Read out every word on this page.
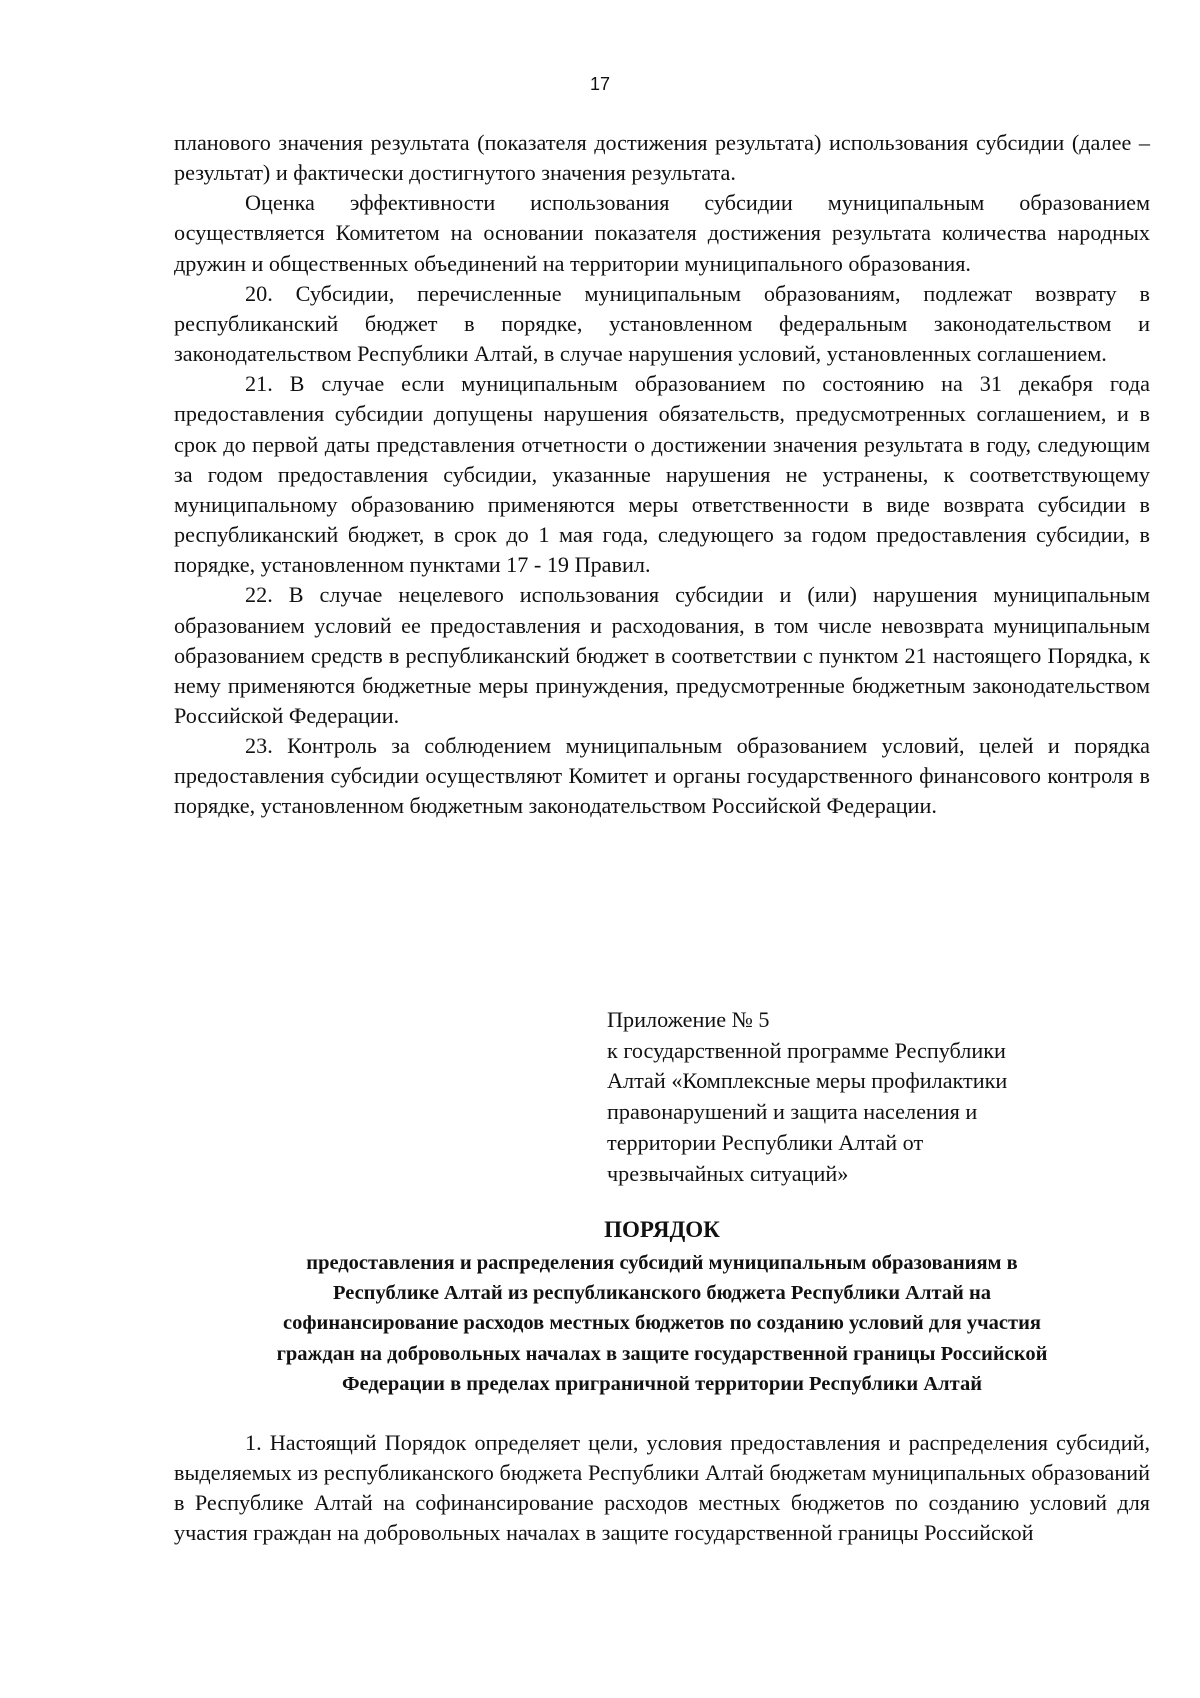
17

планового значения результата (показателя достижения результата) использования субсидии (далее – результат) и фактически достигнутого значения результата.

Оценка эффективности использования субсидии муниципальным образованием осуществляется Комитетом на основании показателя достижения результата количества народных дружин и общественных объединений на территории муниципального образования.

20. Субсидии, перечисленные муниципальным образованиям, подлежат возврату в республиканский бюджет в порядке, установленном федеральным законодательством и законодательством Республики Алтай, в случае нарушения условий, установленных соглашением.

21. В случае если муниципальным образованием по состоянию на 31 декабря года предоставления субсидии допущены нарушения обязательств, предусмотренных соглашением, и в срок до первой даты представления отчетности о достижении значения результата в году, следующим за годом предоставления субсидии, указанные нарушения не устранены, к соответствующему муниципальному образованию применяются меры ответственности в виде возврата субсидии в республиканский бюджет, в срок до 1 мая года, следующего за годом предоставления субсидии, в порядке, установленном пунктами 17 - 19 Правил.

22. В случае нецелевого использования субсидии и (или) нарушения муниципальным образованием условий ее предоставления и расходования, в том числе невозврата муниципальным образованием средств в республиканский бюджет в соответствии с пунктом 21 настоящего Порядка, к нему применяются бюджетные меры принуждения, предусмотренные бюджетным законодательством Российской Федерации.

23. Контроль за соблюдением муниципальным образованием условий, целей и порядка предоставления субсидии осуществляют Комитет и органы государственного финансового контроля в порядке, установленном бюджетным законодательством Российской Федерации.

Приложение № 5
к государственной программе Республики
Алтай «Комплексные меры профилактики
правонарушений и защита населения и
территории Республики Алтай от
чрезвычайных ситуаций»
ПОРЯДОК
предоставления и распределения субсидий муниципальным образованиям в
Республике Алтай из республиканского бюджета Республики Алтай на
софинансирование расходов местных бюджетов по созданию условий для участия
граждан на добровольных началах в защите государственной границы Российской
Федерации в пределах приграничной территории Республики Алтай

1. Настоящий Порядок определяет цели, условия предоставления и распределения субсидий, выделяемых из республиканского бюджета Республики Алтай бюджетам муниципальных образований в Республике Алтай на софинансирование расходов местных бюджетов по созданию условий для участия граждан на добровольных началах в защите государственной границы Российской
